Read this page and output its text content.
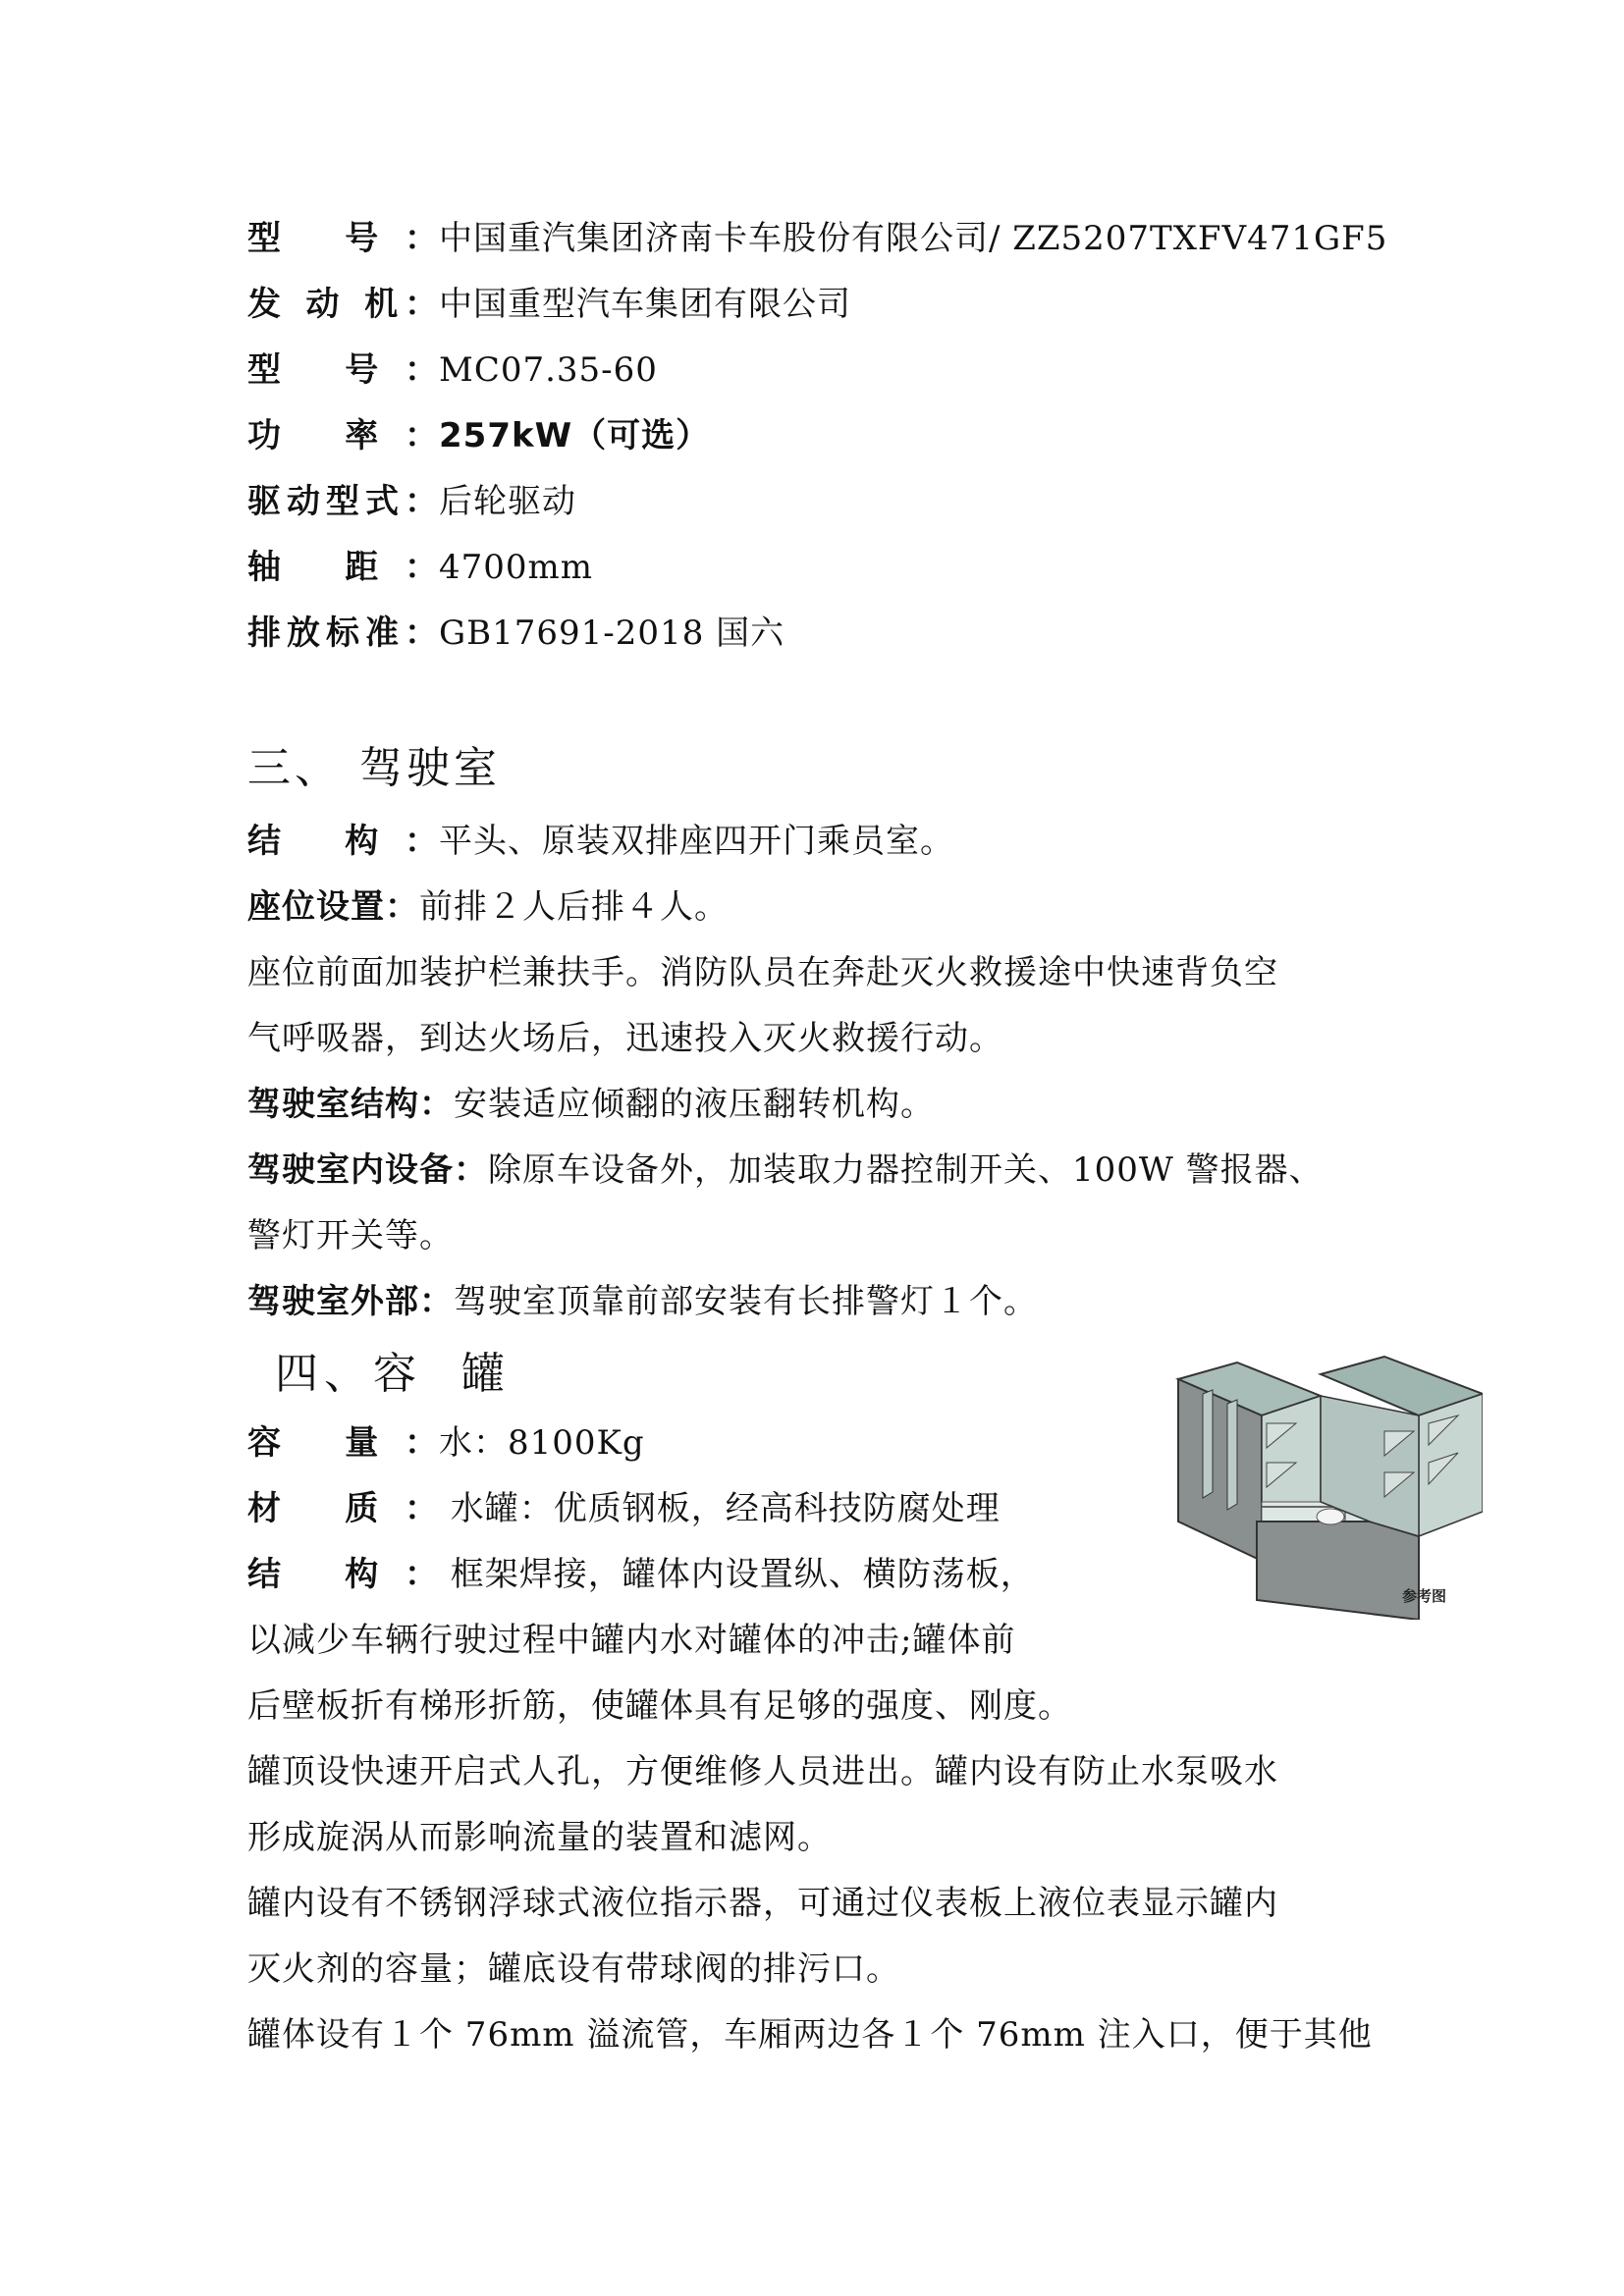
型 号：中国重汽集团济南卡车股份有限公司/ ZZ5207TXFV471GF5
发 动 机：中国重型汽车集团有限公司
型 号：MC07.35-60
功 率：257kW（可选）
驱动型式：后轮驱动
轴 距：4700mm
排放标准：GB17691-2018 国六
三、 驾驶室
结 构：平头、原装双排座四开门乘员室。
座位设置：前排２人后排４人。
座位前面加装护栏兼扶手。消防队员在奔赴灭火救援途中快速背负空
气呼吸器，到达火场后，迅速投入灭火救援行动。
驾驶室结构：安装适应倾翻的液压翻转机构。
驾驶室内设备：除原车设备外，加装取力器控制开关、100W 警报器、
警灯开关等。
驾驶室外部：驾驶室顶靠前部安装有长排警灯１个。
四、容  罐
容 量：水：8100Kg
材 质： 水罐：优质钢板，经高科技防腐处理
结 构： 框架焊接，罐体内设置纵、横防荡板，
以减少车辆行驶过程中罐内水对罐体的冲击;罐体前
后壁板折有梯形折筋，使罐体具有足够的强度、刚度。
罐顶设快速开启式人孔，方便维修人员进出。罐内设有防止水泵吸水
形成旋涡从而影响流量的装置和滤网。
罐内设有不锈钢浮球式液位指示器，可通过仪表板上液位表显示罐内
灭火剂的容量；罐底设有带球阀的排污口。
罐体设有１个 76mm 溢流管，车厢两边各１个 76mm 注入口，便于其他
参考图
